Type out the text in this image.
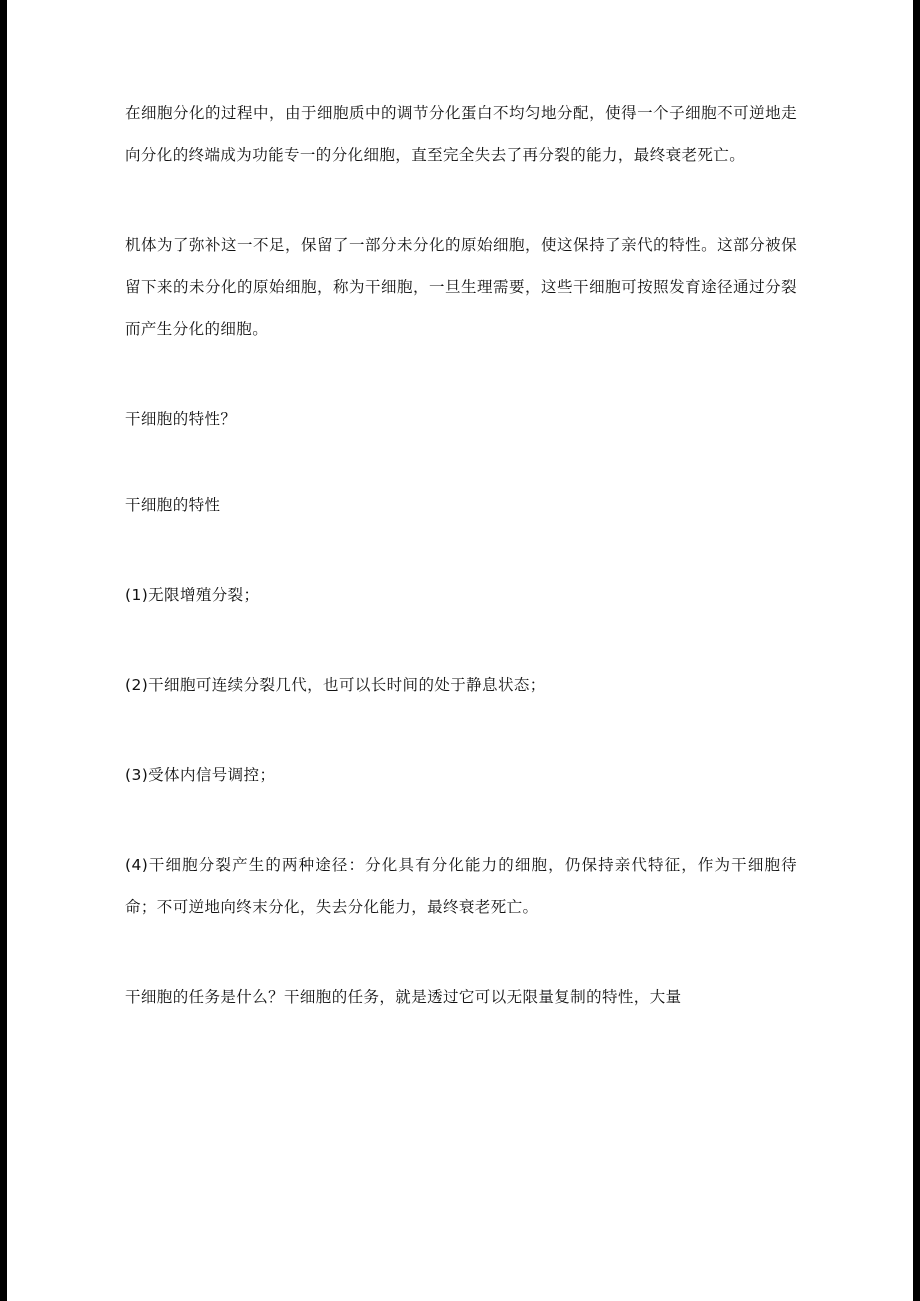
在细胞分化的过程中，由于细胞质中的调节分化蛋白不均匀地分配，使得一个子细胞不可逆地走向分化的终端成为功能专一的分化细胞，直至完全失去了再分裂的能力，最终衰老死亡。

机体为了弥补这一不足，保留了一部分未分化的原始细胞，使这保持了亲代的特性。这部分被保留下来的未分化的原始细胞，称为干细胞，一旦生理需要，这些干细胞可按照发育途径通过分裂而产生分化的细胞。

干细胞的特性？

干细胞的特性

(1)无限增殖分裂；

(2)干细胞可连续分裂几代，也可以长时间的处于静息状态；

(3)受体内信号调控；

(4)干细胞分裂产生的两种途径：分化具有分化能力的细胞，仍保持亲代特征，作为干细胞待命；不可逆地向终末分化，失去分化能力，最终衰老死亡。

干细胞的任务是什么？干细胞的任务，就是透过它可以无限量复制的特性，大量
